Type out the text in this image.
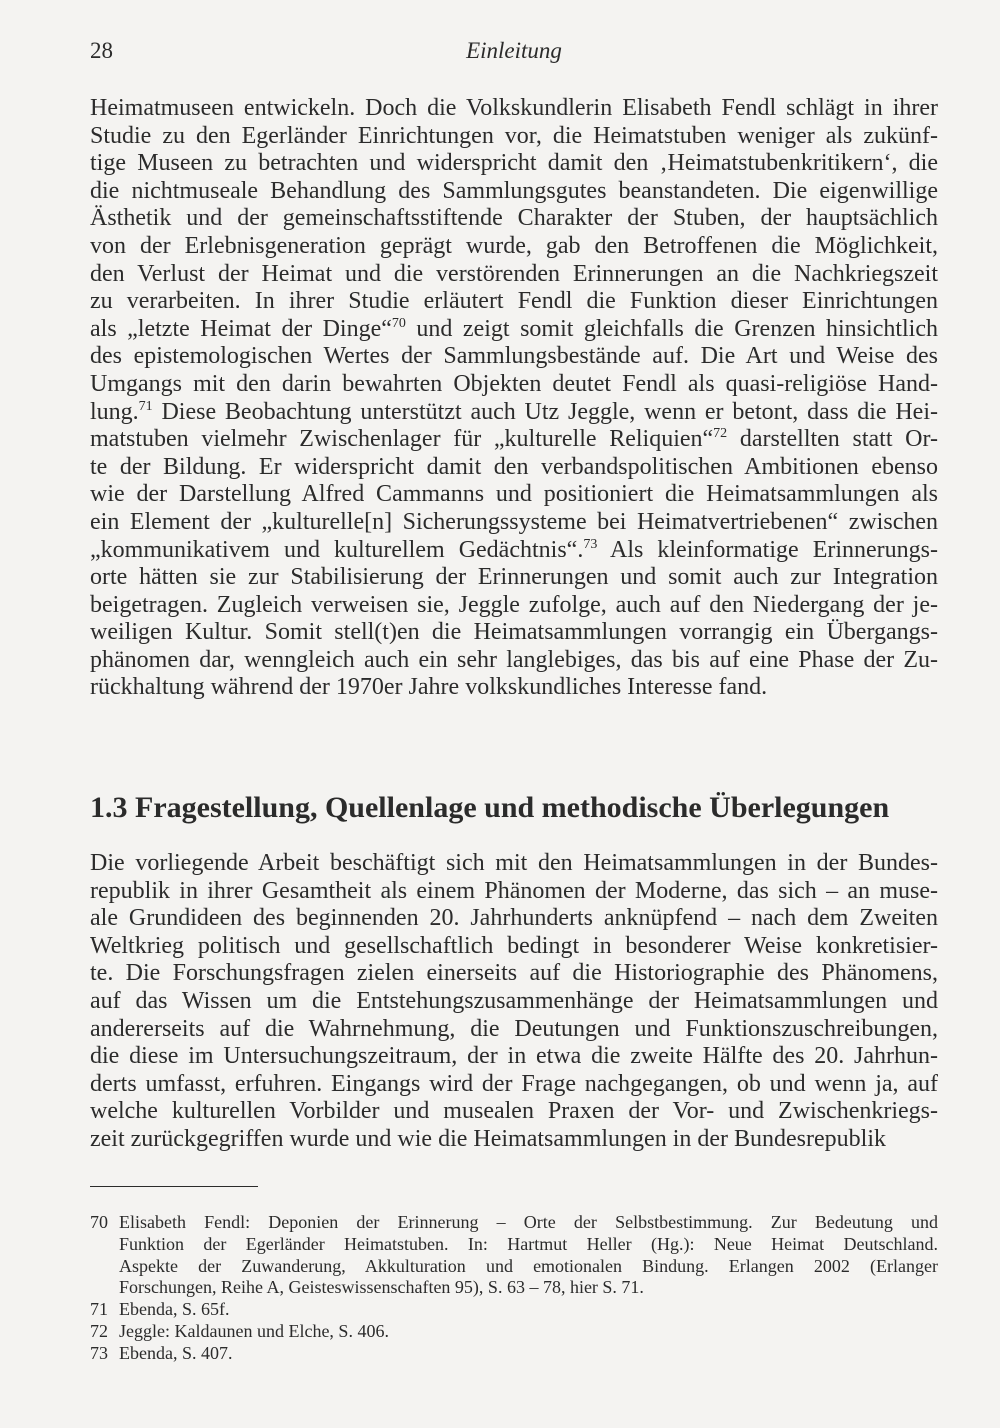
28	Einleitung

Heimatmuseen entwickeln. Doch die Volkskundlerin Elisabeth Fendl schlägt in ihrer
Studie zu den Egerländer Einrichtungen vor, die Heimatstuben weniger als zukünf-
tige Museen zu betrachten und widerspricht damit den ‚Heimatstubenkritikern‘, die
die nichtmuseale Behandlung des Sammlungsgutes beanstandeten. Die eigenwillige
Ästhetik und der gemeinschaftsstiftende Charakter der Stuben, der hauptsächlich
von der Erlebnisgeneration geprägt wurde, gab den Betroffenen die Möglichkeit,
den Verlust der Heimat und die verstörenden Erinnerungen an die Nachkriegszeit
zu verarbeiten. In ihrer Studie erläutert Fendl die Funktion dieser Einrichtungen
als „letzte Heimat der Dinge“$^{70}$ und zeigt somit gleichfalls die Grenzen hinsichtlich
des epistemologischen Wertes der Sammlungsbestände auf. Die Art und Weise des
Umgangs mit den darin bewahrten Objekten deutet Fendl als quasi-religiöse Hand-
lung.$^{71}$ Diese Beobachtung unterstützt auch Utz Jeggle, wenn er betont, dass die Hei-
matstuben vielmehr Zwischenlager für „kulturelle Reliquien“$^{72}$ darstellten statt Or-
te der Bildung. Er widerspricht damit den verbandspolitischen Ambitionen ebenso
wie der Darstellung Alfred Cammanns und positioniert die Heimatsammlungen als
ein Element der „kulturelle[n] Sicherungssysteme bei Heimatvertriebenen“ zwischen
„kommunikativem und kulturellem Gedächtnis“.$^{73}$ Als kleinformatige Erinnerungs-
orte hätten sie zur Stabilisierung der Erinnerungen und somit auch zur Integration
beigetragen. Zugleich verweisen sie, Jeggle zufolge, auch auf den Niedergang der je-
weiligen Kultur. Somit stell(t)en die Heimatsammlungen vorrangig ein Übergangs-
phänomen dar, wenngleich auch ein sehr langlebiges, das bis auf eine Phase der Zu-
rückhaltung während der 1970er Jahre volkskundliches Interesse fand.

1.3 Fragestellung, Quellenlage und methodische Überlegungen

Die vorliegende Arbeit beschäftigt sich mit den Heimatsammlungen in der Bundes-
republik in ihrer Gesamtheit als einem Phänomen der Moderne, das sich – an muse-
ale Grundideen des beginnenden 20. Jahrhunderts anknüpfend – nach dem Zweiten
Weltkrieg politisch und gesellschaftlich bedingt in besonderer Weise konkretisier-
te. Die Forschungsfragen zielen einerseits auf die Historiographie des Phänomens,
auf das Wissen um die Entstehungszusammenhänge der Heimatsammlungen und
andererseits auf die Wahrnehmung, die Deutungen und Funktionszuschreibungen,
die diese im Untersuchungszeitraum, der in etwa die zweite Hälfte des 20. Jahrhun-
derts umfasst, erfuhren. Eingangs wird der Frage nachgegangen, ob und wenn ja, auf
welche kulturellen Vorbilder und musealen Praxen der Vor- und Zwischenkriegs-
zeit zurückgegriffen wurde und wie die Heimatsammlungen in der Bundesrepublik

70 Elisabeth Fendl: Deponien der Erinnerung – Orte der Selbstbestimmung. Zur Bedeutung und
Funktion der Egerländer Heimatstuben. In: Hartmut Heller (Hg.): Neue Heimat Deutschland.
Aspekte der Zuwanderung, Akkulturation und emotionalen Bindung. Erlangen 2002 (Erlanger
Forschungen, Reihe A, Geisteswissenschaften 95), S. 63 – 78, hier S. 71.
71 Ebenda, S. 65f.
72 Jeggle: Kaldaunen und Elche, S. 406.
73 Ebenda, S. 407.
